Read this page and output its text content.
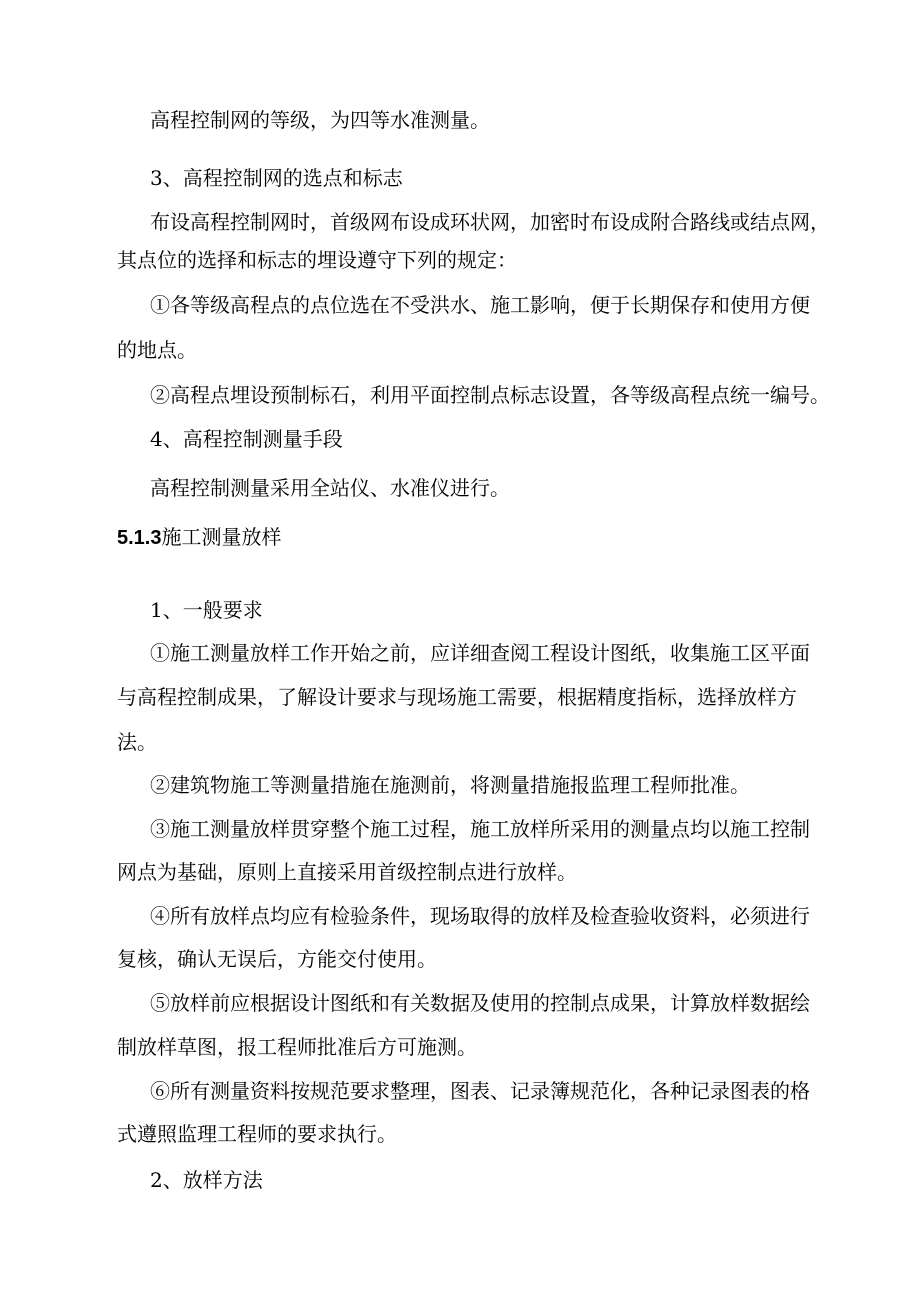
高程控制网的等级，为四等水准测量。
3、高程控制网的选点和标志
布设高程控制网时，首级网布设成环状网，加密时布设成附合路线或结点网，
其点位的选择和标志的埋设遵守下列的规定：
①各等级高程点的点位选在不受洪水、施工影响，便于长期保存和使用方便
的地点。
②高程点埋设预制标石，利用平面控制点标志设置，各等级高程点统一编号。
4、高程控制测量手段
高程控制测量采用全站仪、水准仪进行。
5.1.3施工测量放样
1、一般要求
①施工测量放样工作开始之前，应详细查阅工程设计图纸，收集施工区平面
与高程控制成果，了解设计要求与现场施工需要，根据精度指标，选择放样方
法。
②建筑物施工等测量措施在施测前，将测量措施报监理工程师批准。
③施工测量放样贯穿整个施工过程，施工放样所采用的测量点均以施工控制
网点为基础，原则上直接采用首级控制点进行放样。
④所有放样点均应有检验条件，现场取得的放样及检查验收资料，必须进行
复核，确认无误后，方能交付使用。
⑤放样前应根据设计图纸和有关数据及使用的控制点成果，计算放样数据绘
制放样草图，报工程师批准后方可施测。
⑥所有测量资料按规范要求整理，图表、记录簿规范化，各种记录图表的格
式遵照监理工程师的要求执行。
2、放样方法
